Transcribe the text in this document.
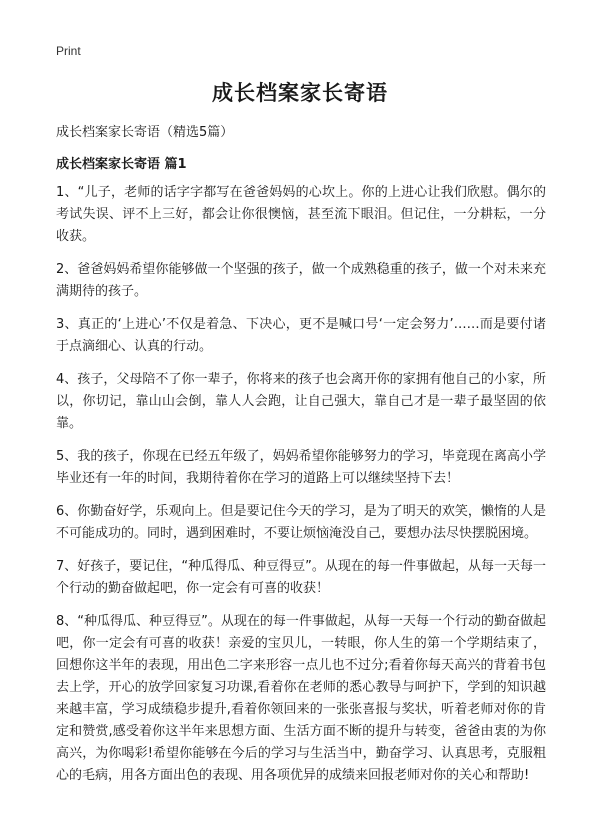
Print
成长档案家长寄语

成长档案家长寄语（精选5篇）

成长档案家长寄语 篇1

1、“儿子，老师的话字字都写在爸爸妈妈的心坎上。你的上进心让我们欣慰。偶尔的考试失误、评不上三好，都会让你很懊恼，甚至流下眼泪。但记住，一分耕耘，一分收获。

2、爸爸妈妈希望你能够做一个坚强的孩子，做一个成熟稳重的孩子，做一个对未来充满期待的孩子。

3、真正的‘上进心’不仅是着急、下决心，更不是喊口号‘一定会努力’……而是要付诸于点滴细心、认真的行动。

4、孩子，父母陪不了你一辈子，你将来的孩子也会离开你的家拥有他自己的小家，所以，你切记，靠山山会倒，靠人人会跑，让自己强大，靠自己才是一辈子最坚固的依靠。

5、我的孩子，你现在已经五年级了，妈妈希望你能够努力的学习，毕竟现在离高小学毕业还有一年的时间，我期待着你在学习的道路上可以继续坚持下去！

6、你勤奋好学，乐观向上。但是要记住今天的学习，是为了明天的欢笑，懒惰的人是不可能成功的。同时，遇到困难时，不要让烦恼淹没自己，要想办法尽快摆脱困境。

7、好孩子，要记住，“种瓜得瓜、种豆得豆”。从现在的每一件事做起，从每一天每一个行动的勤奋做起吧，你一定会有可喜的收获！

8、“种瓜得瓜、种豆得豆”。从现在的每一件事做起，从每一天每一个行动的勤奋做起吧，你一定会有可喜的收获！亲爱的宝贝儿，一转眼，你人生的第一个学期结束了，回想你这半年的表现，用出色二字来形容一点儿也不过分;看着你每天高兴的背着书包去上学，开心的放学回家复习功课,看着你在老师的悉心教导与呵护下，学到的知识越来越丰富，学习成绩稳步提升,看着你领回来的一张张喜报与奖状，听着老师对你的肯定和赞赏,感受着你这半年来思想方面、生活方面不断的提升与转变，爸爸由衷的为你高兴，为你喝彩!希望你能够在今后的学习与生活当中，勤奋学习、认真思考，克服粗心的毛病，用各方面出色的表现、用各项优异的成绩来回报老师对你的关心和帮助!
